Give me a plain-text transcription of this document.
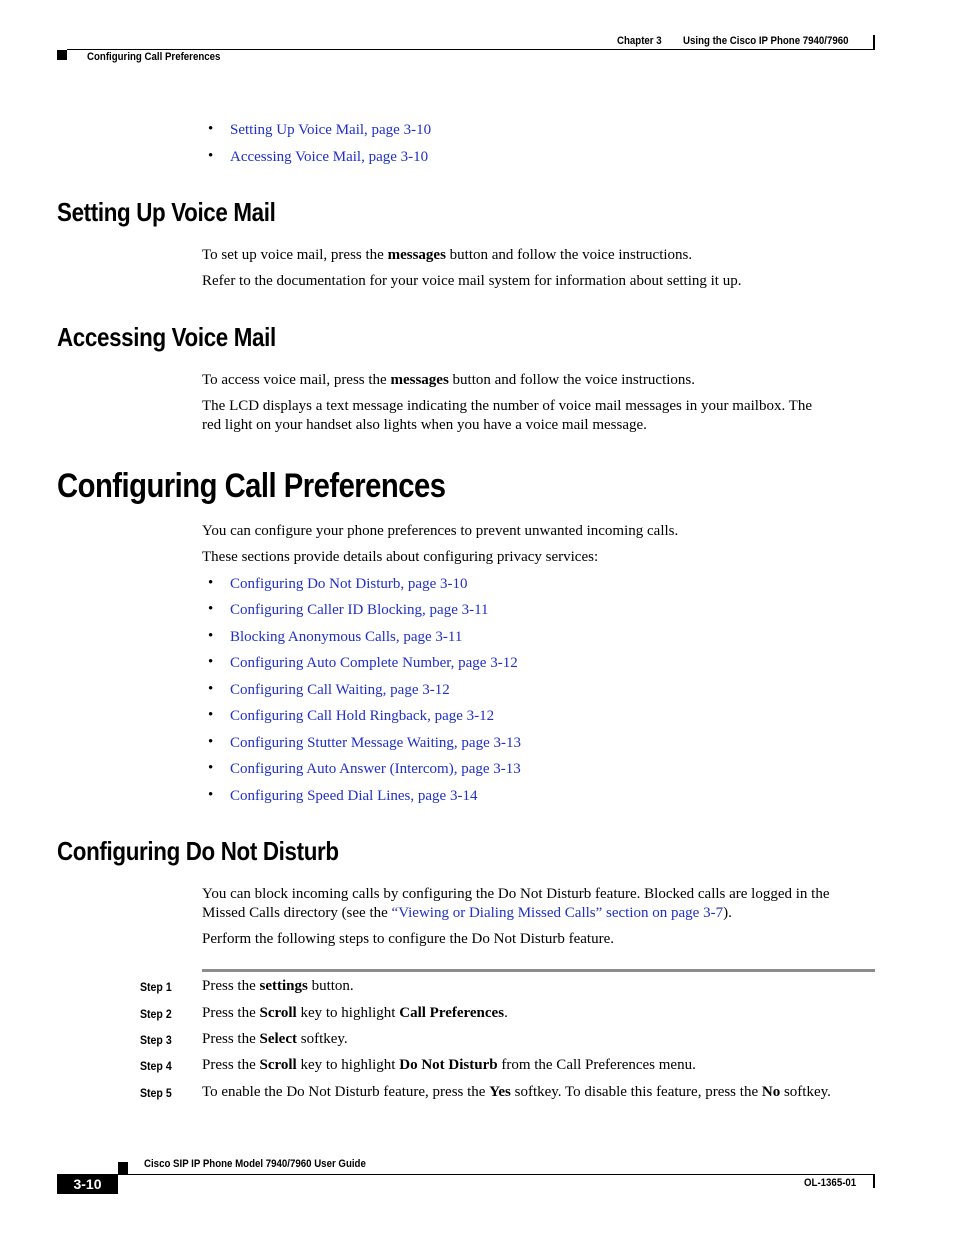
Chapter 3 Using the Cisco IP Phone 7940/7960
Configuring Call Preferences
• Setting Up Voice Mail, page 3-10
• Accessing Voice Mail, page 3-10
Setting Up Voice Mail
To set up voice mail, press the messages button and follow the voice instructions.
Refer to the documentation for your voice mail system for information about setting it up.
Accessing Voice Mail
To access voice mail, press the messages button and follow the voice instructions.
The LCD displays a text message indicating the number of voice mail messages in your mailbox. The
red light on your handset also lights when you have a voice mail message.
Configuring Call Preferences
You can configure your phone preferences to prevent unwanted incoming calls.
These sections provide details about configuring privacy services:
• Configuring Do Not Disturb, page 3-10
• Configuring Caller ID Blocking, page 3-11
• Blocking Anonymous Calls, page 3-11
• Configuring Auto Complete Number, page 3-12
• Configuring Call Waiting, page 3-12
• Configuring Call Hold Ringback, page 3-12
• Configuring Stutter Message Waiting, page 3-13
• Configuring Auto Answer (Intercom), page 3-13
• Configuring Speed Dial Lines, page 3-14
Configuring Do Not Disturb
You can block incoming calls by configuring the Do Not Disturb feature. Blocked calls are logged in the
Missed Calls directory (see the “Viewing or Dialing Missed Calls” section on page 3-7).
Perform the following steps to configure the Do Not Disturb feature.
Step 1 Press the settings button.
Step 2 Press the Scroll key to highlight Call Preferences.
Step 3 Press the Select softkey.
Step 4 Press the Scroll key to highlight Do Not Disturb from the Call Preferences menu.
Step 5 To enable the Do Not Disturb feature, press the Yes softkey. To disable this feature, press the No softkey.
Cisco SIP IP Phone Model 7940/7960 User Guide
3-10	OL-1365-01
